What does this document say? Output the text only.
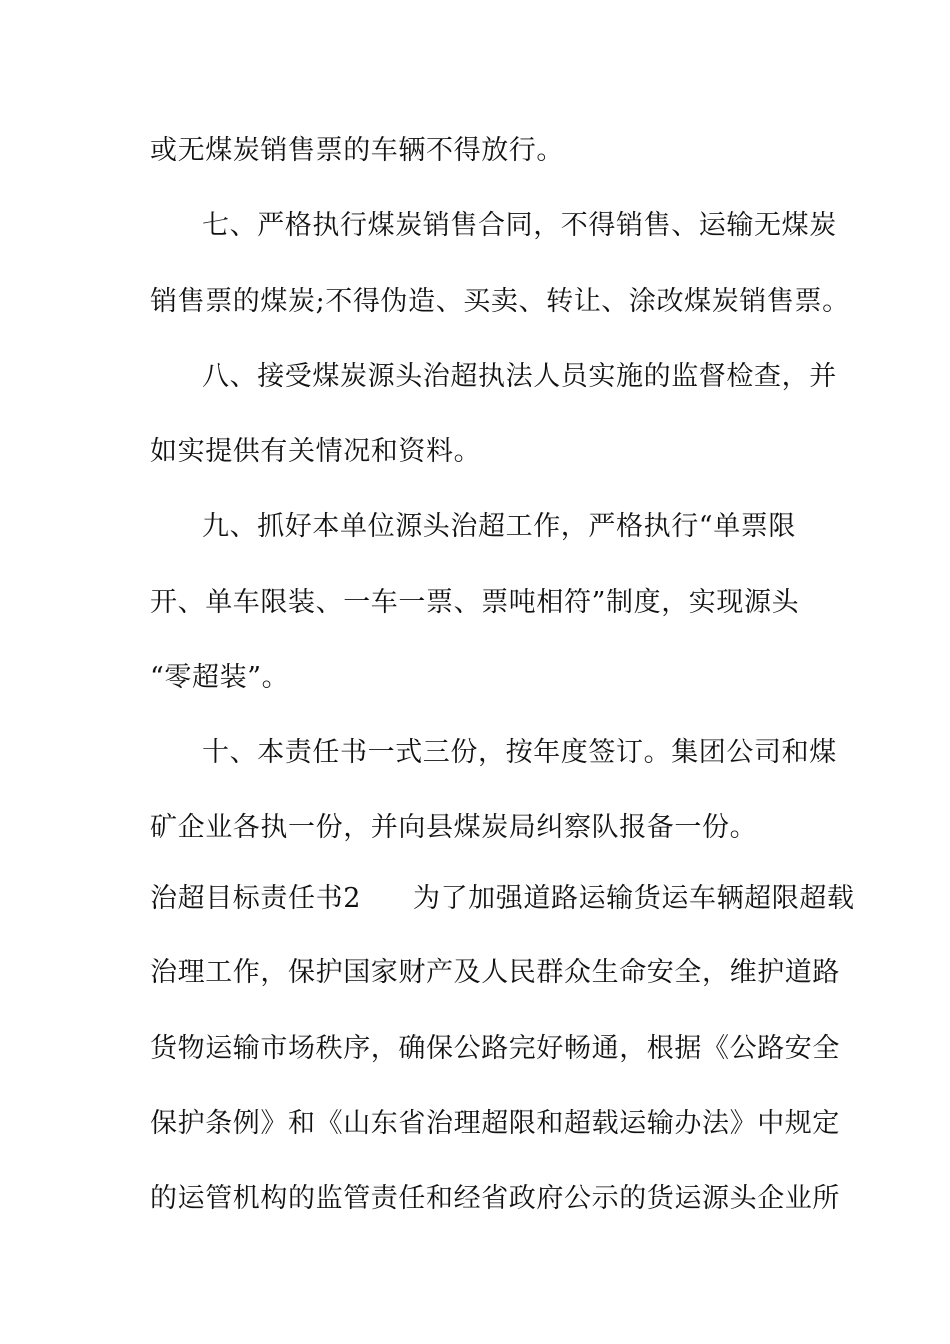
或无煤炭销售票的车辆不得放行。
七、严格执行煤炭销售合同，不得销售、运输无煤炭
销售票的煤炭;不得伪造、买卖、转让、涂改煤炭销售票。
八、接受煤炭源头治超执法人员实施的监督检查，并
如实提供有关情况和资料。
九、抓好本单位源头治超工作，严格执行“单票限
开、单车限装、一车一票、票吨相符”制度，实现源头
“零超装”。
十、本责任书一式三份，按年度签订。集团公司和煤
矿企业各执一份，并向县煤炭局纠察队报备一份。
治超目标责任书2 为了加强道路运输货运车辆超限超载
治理工作，保护国家财产及人民群众生命安全，维护道路
货物运输市场秩序，确保公路完好畅通，根据《公路安全
保护条例》和《山东省治理超限和超载运输办法》中规定
的运管机构的监管责任和经省政府公示的货运源头企业所
